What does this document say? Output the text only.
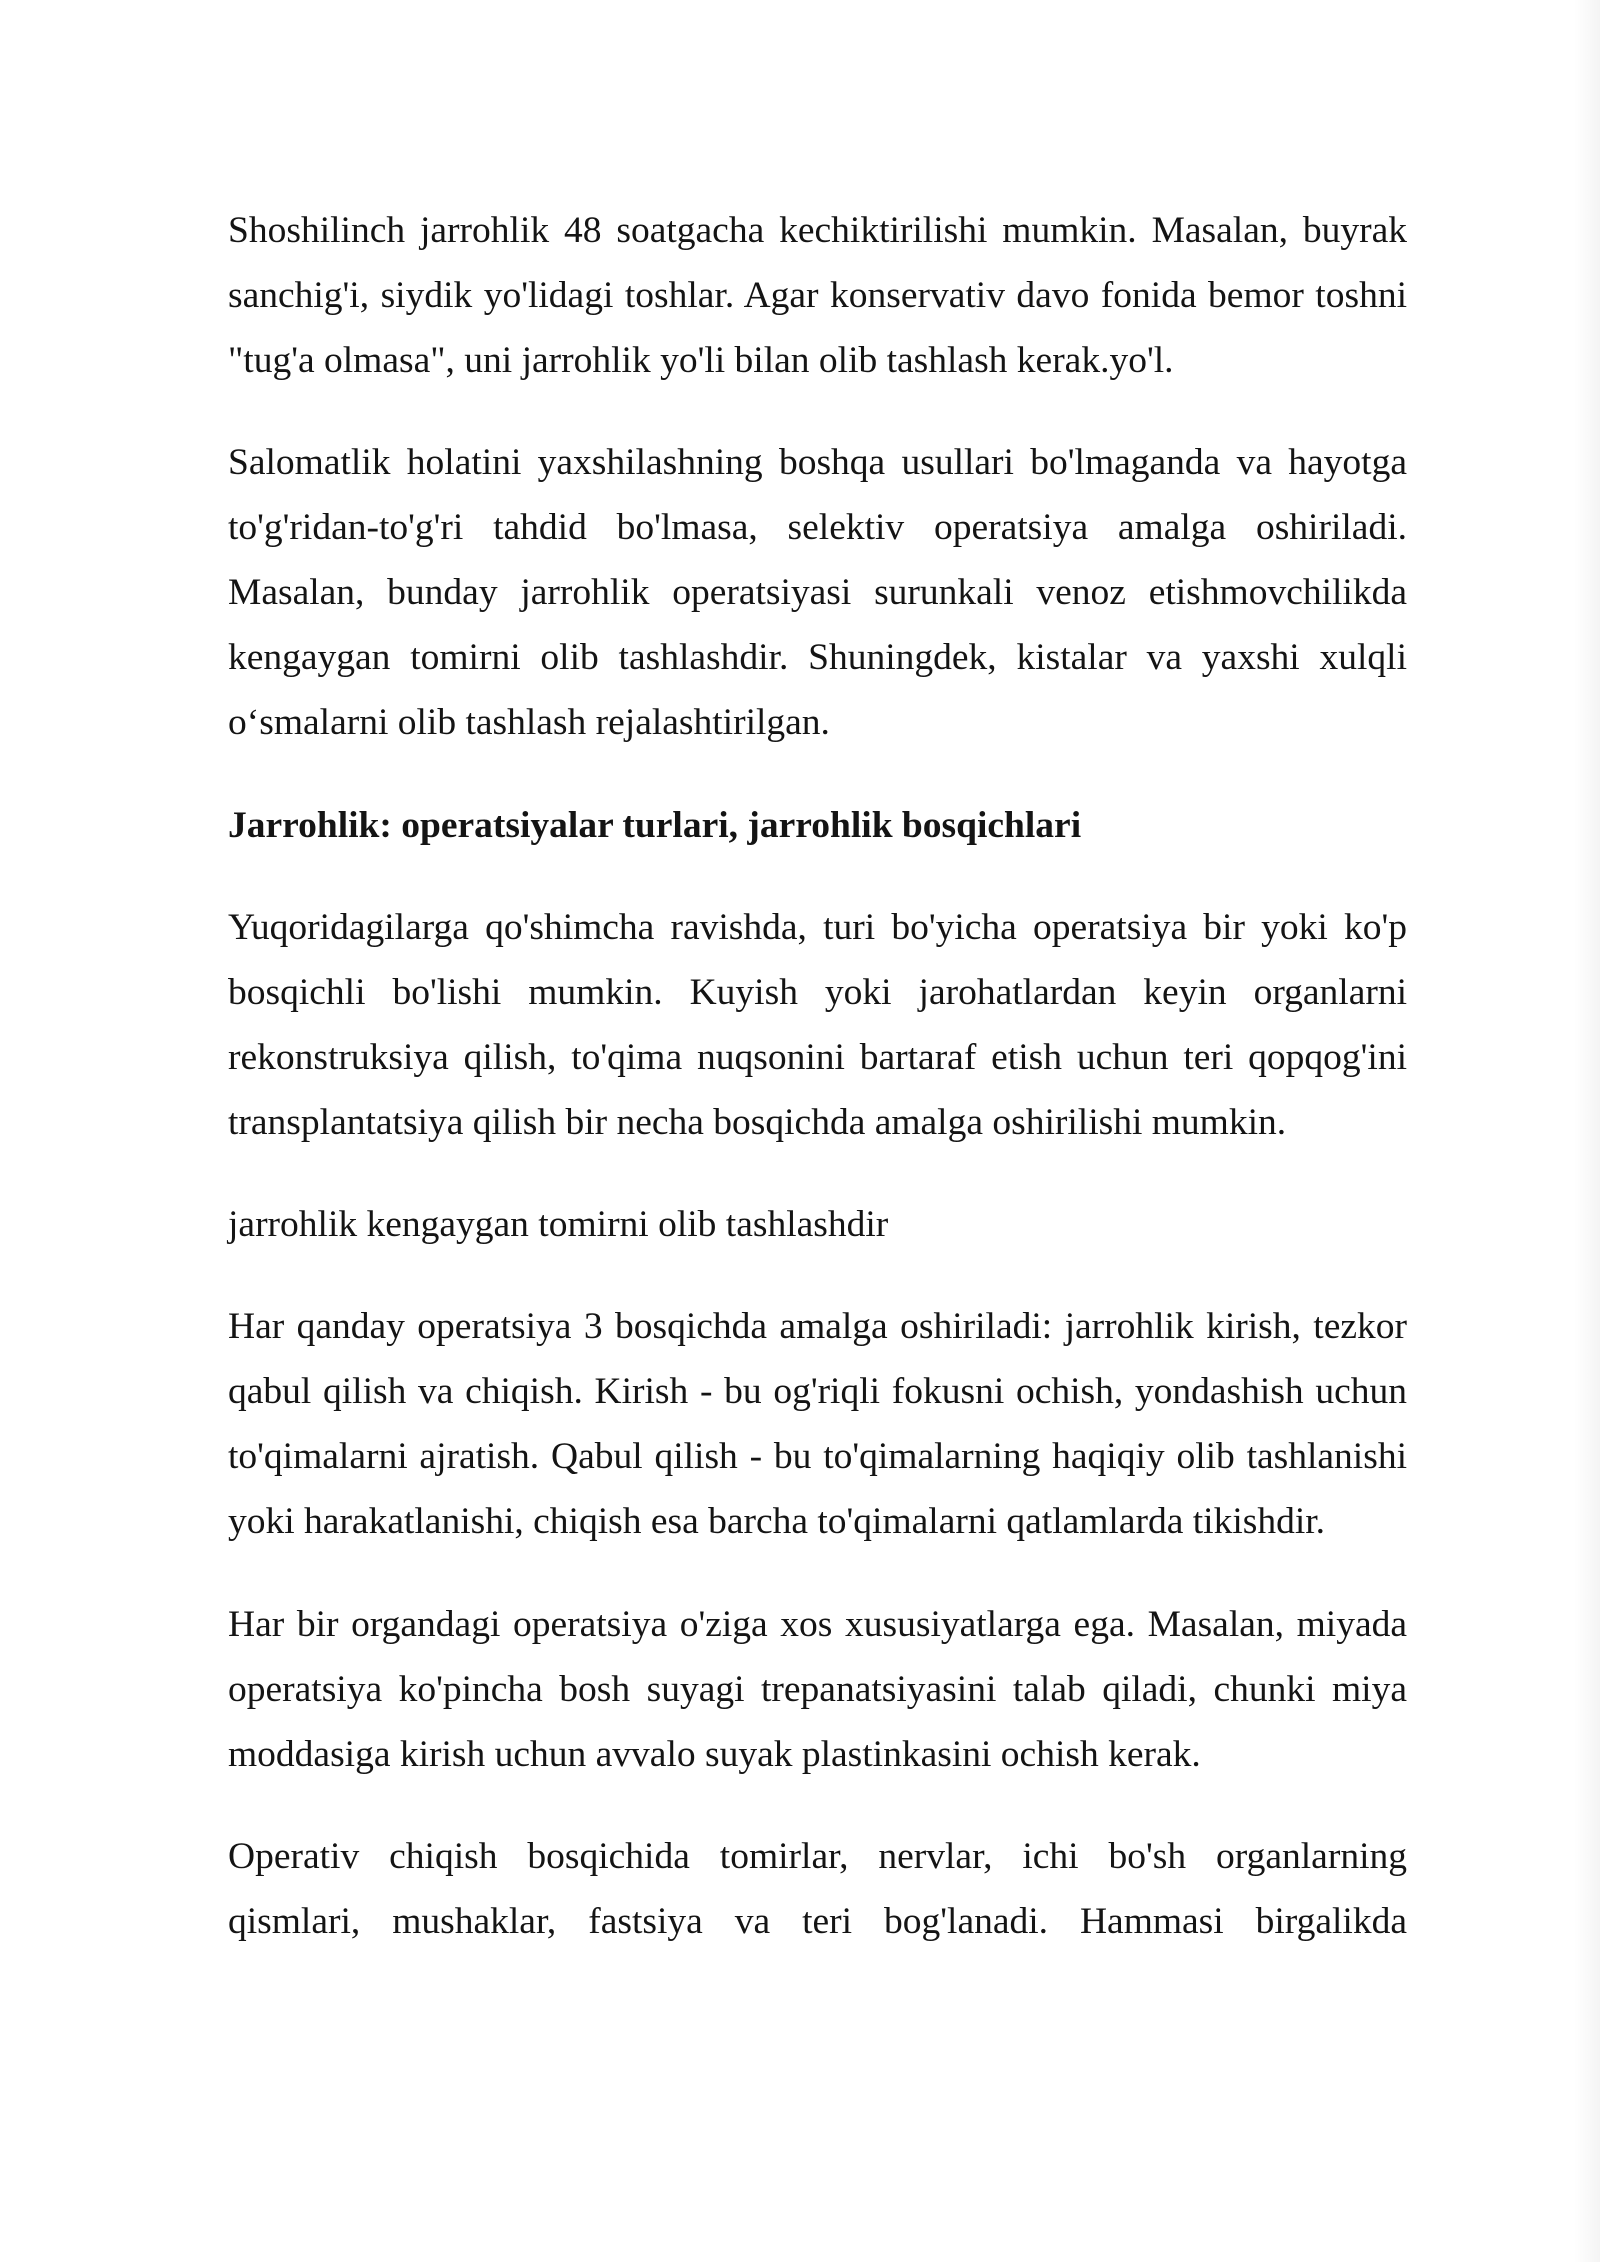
Shoshilinch jarrohlik 48 soatgacha kechiktirilishi mumkin. Masalan, buyrak
sanchig'i, siydik yo'lidagi toshlar. Agar konservativ davo fonida bemor toshni
"tug'a olmasa", uni jarrohlik yo'li bilan olib tashlash kerak.yo'l.
Salomatlik holatini yaxshilashning boshqa usullari bo'lmaganda va hayotga
to'g'ridan-to'g'ri tahdid bo'lmasa, selektiv operatsiya amalga oshiriladi.
Masalan, bunday jarrohlik operatsiyasi surunkali venoz etishmovchilikda
kengaygan tomirni olib tashlashdir. Shuningdek, kistalar va yaxshi xulqli
o‘smalarni olib tashlash rejalashtirilgan.
Jarrohlik: operatsiyalar turlari, jarrohlik bosqichlari
Yuqoridagilarga qo'shimcha ravishda, turi bo'yicha operatsiya bir yoki ko'p
bosqichli bo'lishi mumkin. Kuyish yoki jarohatlardan keyin organlarni
rekonstruksiya qilish, to'qima nuqsonini bartaraf etish uchun teri qopqog'ini
transplantatsiya qilish bir necha bosqichda amalga oshirilishi mumkin.
jarrohlik kengaygan tomirni olib tashlashdir
Har qanday operatsiya 3 bosqichda amalga oshiriladi: jarrohlik kirish, tezkor
qabul qilish va chiqish. Kirish - bu og'riqli fokusni ochish, yondashish uchun
to'qimalarni ajratish. Qabul qilish - bu to'qimalarning haqiqiy olib tashlanishi
yoki harakatlanishi, chiqish esa barcha to'qimalarni qatlamlarda tikishdir.
Har bir organdagi operatsiya o'ziga xos xususiyatlarga ega. Masalan, miyada
operatsiya ko'pincha bosh suyagi trepanatsiyasini talab qiladi, chunki miya
moddasiga kirish uchun avvalo suyak plastinkasini ochish kerak.
Operativ chiqish bosqichida tomirlar, nervlar, ichi bo'sh organlarning
qismlari, mushaklar, fastsiya va teri bog'lanadi. Hammasi birgalikda
